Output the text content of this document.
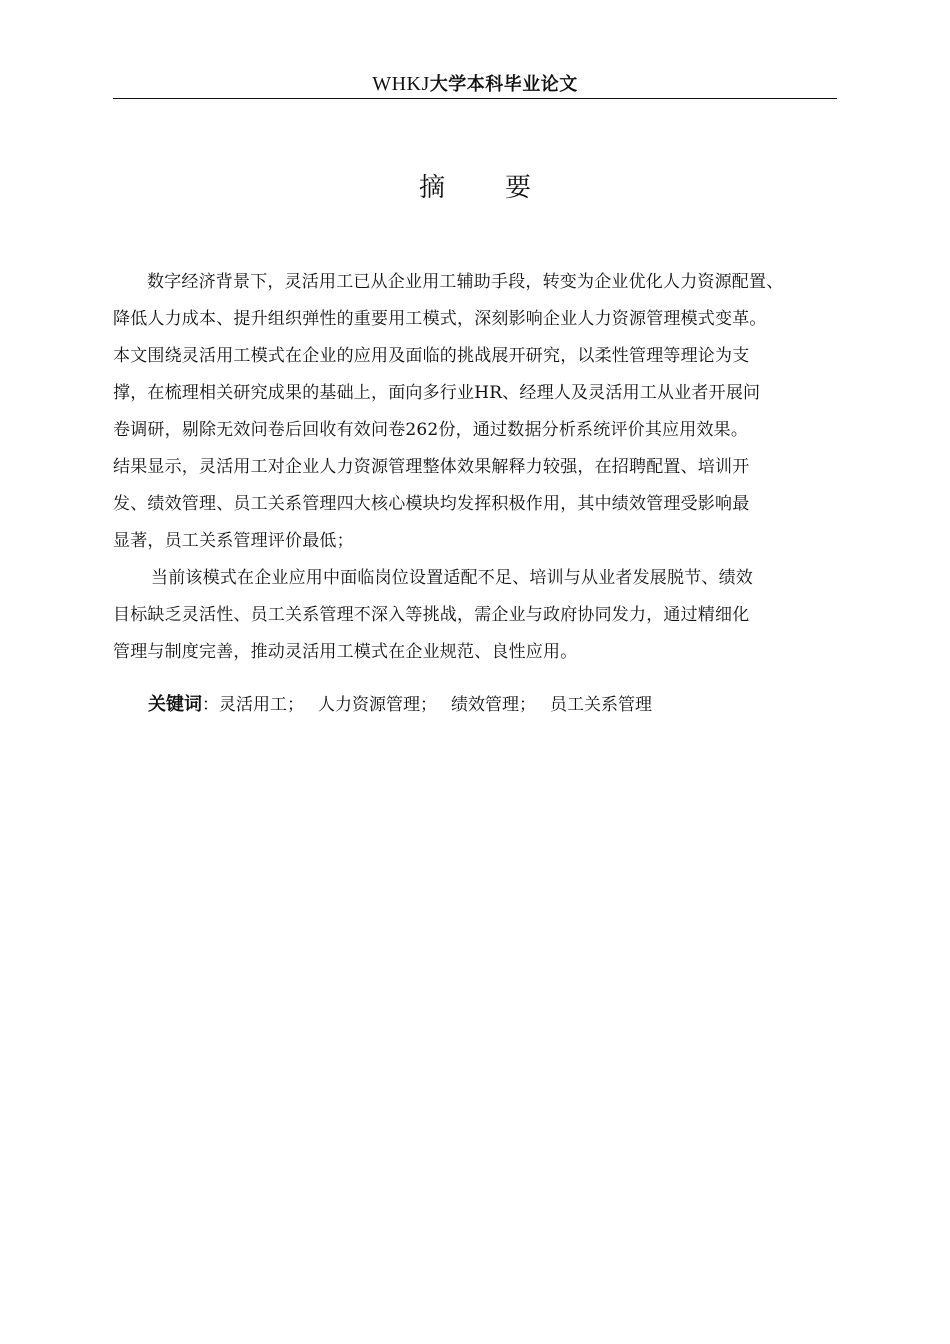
WHKJ大学本科毕业论文
摘要
数字经济背景下，灵活用工已从企业用工辅助手段，转变为企业优化人力资源配置、
降低人力成本、提升组织弹性的重要用工模式，深刻影响企业人力资源管理模式变革。
本文围绕灵活用工模式在企业的应用及面临的挑战展开研究，以柔性管理等理论为支
撑，在梳理相关研究成果的基础上，面向多行业HR、经理人及灵活用工从业者开展问
卷调研，剔除无效问卷后回收有效问卷262份，通过数据分析系统评价其应用效果。
结果显示，灵活用工对企业人力资源管理整体效果解释力较强，在招聘配置、培训开
发、绩效管理、员工关系管理四大核心模块均发挥积极作用，其中绩效管理受影响最
显著，员工关系管理评价最低；
当前该模式在企业应用中面临岗位设置适配不足、培训与从业者发展脱节、绩效
目标缺乏灵活性、员工关系管理不深入等挑战，需企业与政府协同发力，通过精细化
管理与制度完善，推动灵活用工模式在企业规范、良性应用。
关键词：灵活用工； 人力资源管理； 绩效管理； 员工关系管理
